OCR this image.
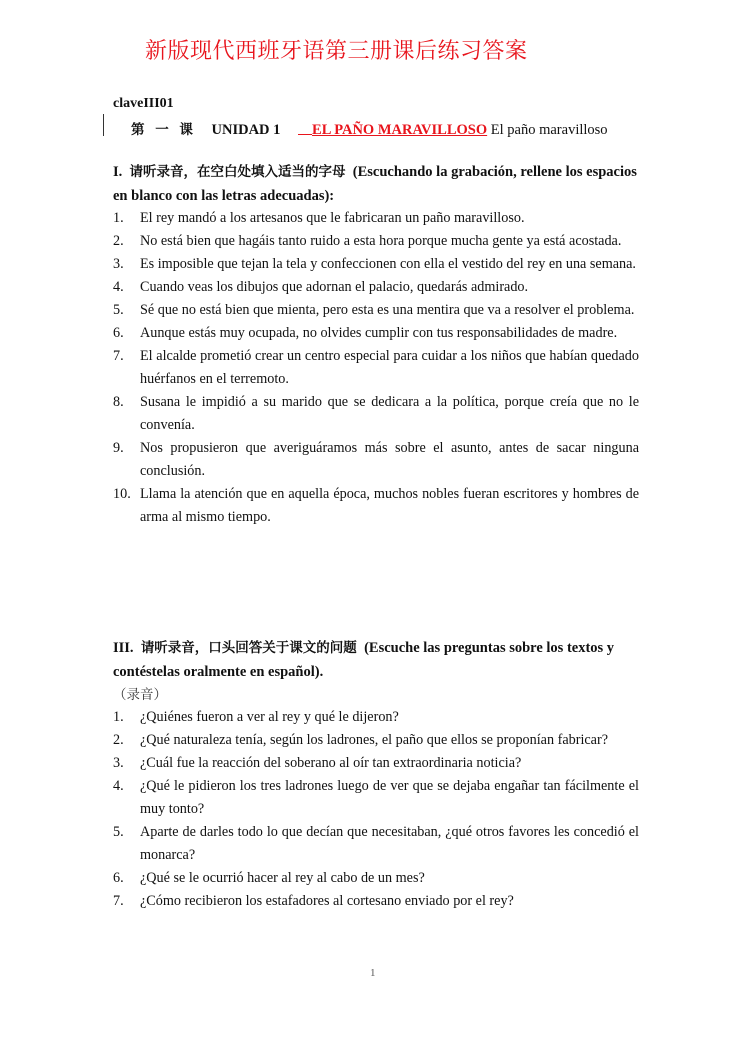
新版现代西班牙语第三册课后练习答案
claveIII01
第 一 课 UNIDAD 1 EL PAÑO MARAVILLOSO El paño maravilloso
I. 请听录音，在空白处填入适当的字母 (Escuchando la grabación, rellene los espacios en blanco con las letras adecuadas):

1. El rey mandó a los artesanos que le fabricaran un paño maravilloso.

2. No está bien que hagáis tanto ruido a esta hora porque mucha gente ya está acostada.

3. Es imposible que tejan la tela y confeccionen con ella el vestido del rey en una semana.

4. Cuando veas los dibujos que adornan el palacio, quedarás admirado.

5. Sé que no está bien que mienta, pero esta es una mentira que va a resolver el problema.

6. Aunque estás muy ocupada, no olvides cumplir con tus responsabilidades de madre.

7. El alcalde prometió crear un centro especial para cuidar a los niños que habían quedado huérfanos en el terremoto.

8. Susana le impidió a su marido que se dedicara a la política, porque creía que no le convenía.

9. Nos propusieron que averiguáramos más sobre el asunto, antes de sacar ninguna conclusión.

10. Llama la atención que en aquella época, muchos nobles fueran escritores y hombres de arma al mismo tiempo.

III. 请听录音，口头回答关于课文的问题 (Escuche las preguntas sobre los textos y contéstelas oralmente en español).
（录音）

1. ¿Quiénes fueron a ver al rey y qué le dijeron?

2. ¿Qué naturaleza tenía, según los ladrones, el paño que ellos se proponían fabricar?

3. ¿Cuál fue la reacción del soberano al oír tan extraordinaria noticia?

4. ¿Qué le pidieron los tres ladrones luego de ver que se dejaba engañar tan fácilmente el muy tonto?

5. Aparte de darles todo lo que decían que necesitaban, ¿qué otros favores les concedió el monarca?

6. ¿Qué se le ocurrió hacer al rey al cabo de un mes?

7. ¿Cómo recibieron los estafadores al cortesano enviado por el rey?

1
